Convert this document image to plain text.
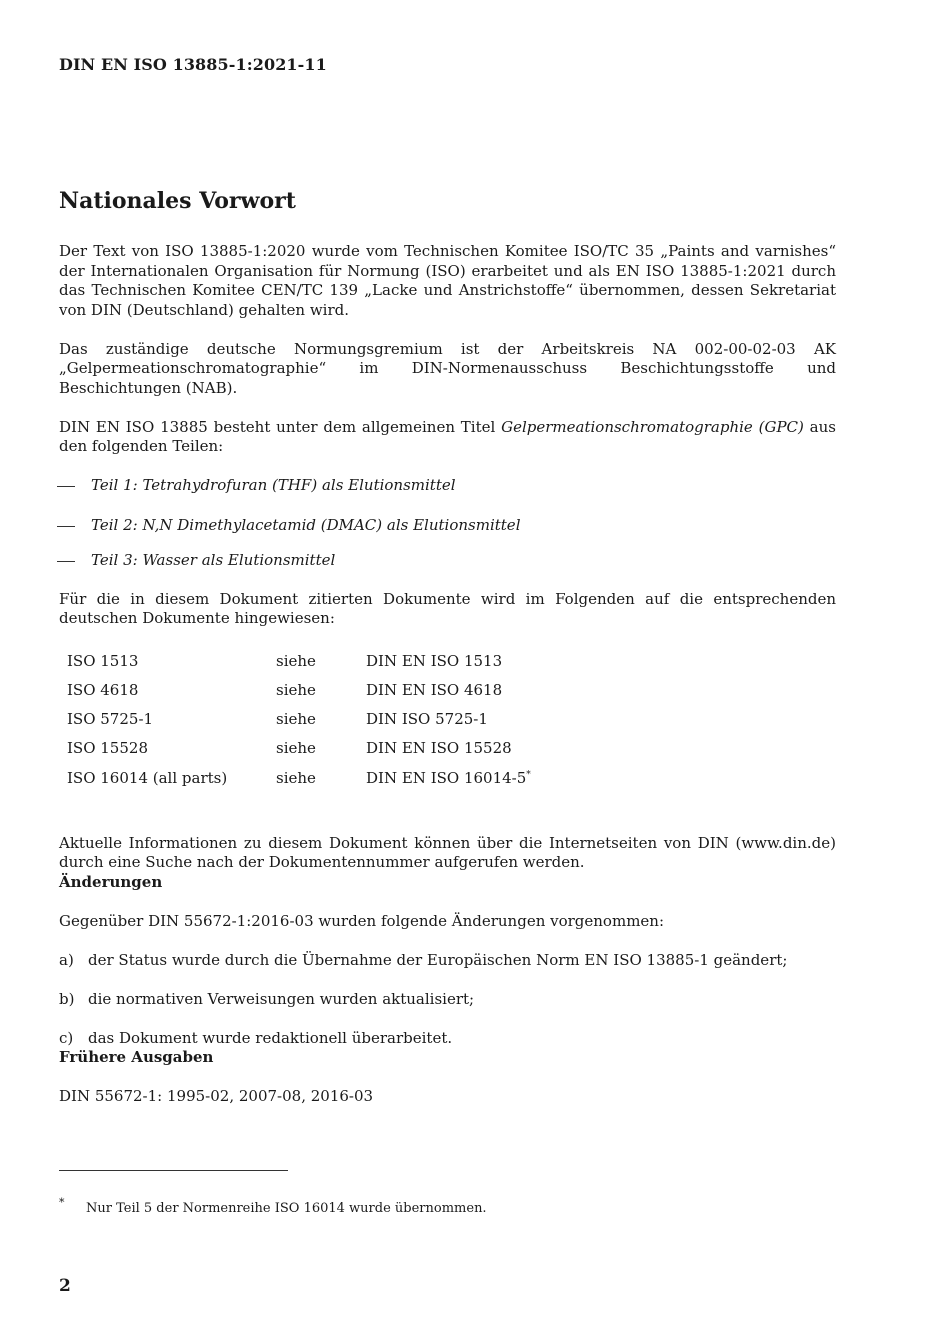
DIN EN ISO 13885-1:2021-11
Nationales Vorwort

Der Text von ISO 13885-1:2020 wurde vom Technischen Komitee ISO/TC 35 „Paints and varnishes“ der Internationalen Organisation für Normung (ISO) erarbeitet und als EN ISO 13885-1:2021 durch das Technischen Komitee CEN/TC 139 „Lacke und Anstrichstoffe“ übernommen, dessen Sekretariat von DIN (Deutschland) gehalten wird.

Das zuständige deutsche Normungsgremium ist der Arbeitskreis NA 002-00-02-03 AK „Gelpermeationschromatographie“ im DIN-Normenausschuss Beschichtungsstoffe und Beschichtungen (NAB).

DIN EN ISO 13885 besteht unter dem allgemeinen Titel Gelpermeationschromatographie (GPC) aus den folgenden Teilen:

Teil 1: Tetrahydrofuran (THF) als Elutionsmittel
Teil 2: N,N Dimethylacetamid (DMAC) als Elutionsmittel
Teil 3: Wasser als Elutionsmittel

Für die in diesem Dokument zitierten Dokumente wird im Folgenden auf die entsprechenden deutschen Dokumente hingewiesen:

ISO 1513	siehe	DIN EN ISO 1513
ISO 4618	siehe	DIN EN ISO 4618
ISO 5725-1	siehe	DIN ISO 5725-1
ISO 15528	siehe	DIN EN ISO 15528
ISO 16014 (all parts)	siehe	DIN EN ISO 16014-5*

Aktuelle Informationen zu diesem Dokument können über die Internetseiten von DIN (www.din.de) durch eine Suche nach der Dokumentennummer aufgerufen werden.

Änderungen

Gegenüber DIN 55672-1:2016-03 wurden folgende Änderungen vorgenommen:

a) der Status wurde durch die Übernahme der Europäischen Norm EN ISO 13885-1 geändert;
b) die normativen Verweisungen wurden aktualisiert;
c) das Dokument wurde redaktionell überarbeitet.

Frühere Ausgaben

DIN 55672-1: 1995-02, 2007-08, 2016-03

* Nur Teil 5 der Normenreihe ISO 16014 wurde übernommen.
2
